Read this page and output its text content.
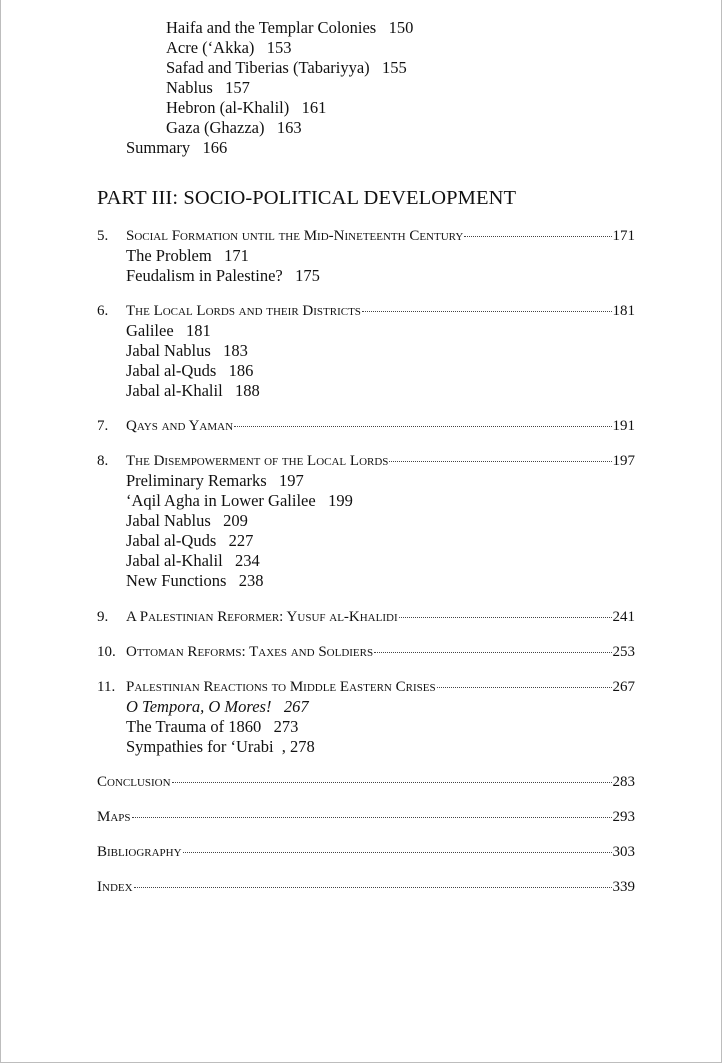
Haifa and the Templar Colonies   150
Acre (‘Akka)   153
Safad and Tiberias (Tabariyya)   155
Nablus   157
Hebron (al-Khalil)   161
Gaza (Ghazza)   163
Summary   166
PART III: SOCIO-POLITICAL DEVELOPMENT
5.	Social Formation until the Mid-Nineteenth Century	171
The Problem   171
Feudalism in Palestine?   175
6.	The Local Lords and their Districts	181
Galilee   181
Jabal Nablus   183
Jabal al-Quds   186
Jabal al-Khalil   188
7.	Qays and Yaman	191
8.	The Disempowerment of the Local Lords	197
Preliminary Remarks   197
‘Aqil Agha in Lower Galilee   199
Jabal Nablus   209
Jabal al-Quds   227
Jabal al-Khalil   234
New Functions   238
9.	A Palestinian Reformer: Yusuf al-Khalidi	241
10. Ottoman Reforms: Taxes and Soldiers	253
11. Palestinian Reactions to Middle Eastern Crises	267
O Tempora, O Mores!   267
The Trauma of 1860   273
Sympathies for ‘Urabi  , 278
Conclusion	283
Maps	293
Bibliography	303
Index	339
